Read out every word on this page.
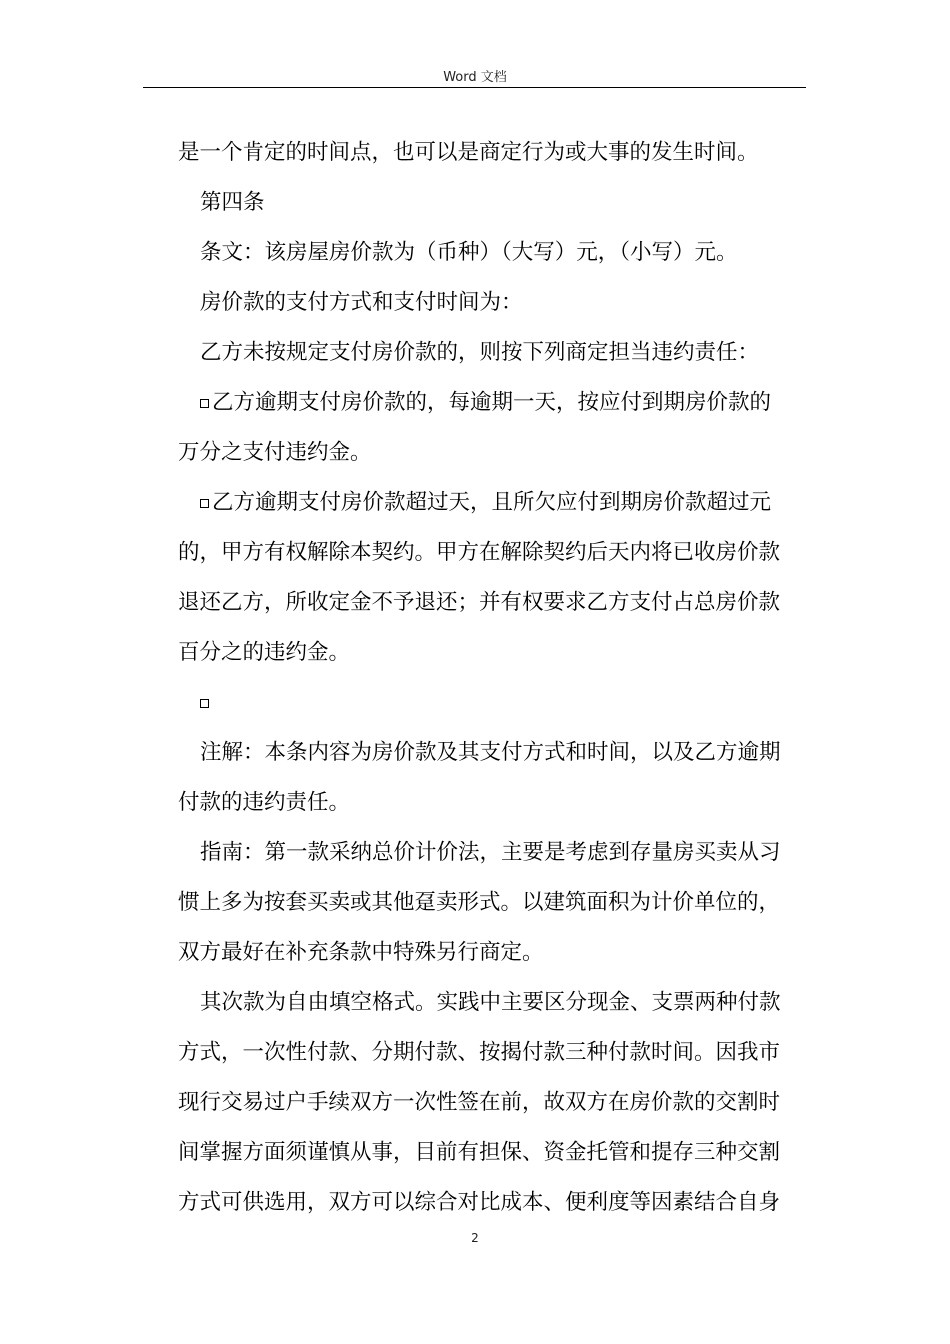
Word 文档

是一个肯定的时间点，也可以是商定行为或大事的发生时间。
第四条
条文：该房屋房价款为（币种）（大写）元，（小写）元。
房价款的支付方式和支付时间为：
乙方未按规定支付房价款的，则按下列商定担当违约责任：
乙方逾期支付房价款的，每逾期一天，按应付到期房价款的
万分之支付违约金。
乙方逾期支付房价款超过天，且所欠应付到期房价款超过元
的，甲方有权解除本契约。甲方在解除契约后天内将已收房价款
退还乙方，所收定金不予退还；并有权要求乙方支付占总房价款
百分之的违约金。
注解：本条内容为房价款及其支付方式和时间，以及乙方逾期
付款的违约责任。
指南：第一款采纳总价计价法，主要是考虑到存量房买卖从习
惯上多为按套买卖或其他趸卖形式。以建筑面积为计价单位的，
双方最好在补充条款中特殊另行商定。
其次款为自由填空格式。实践中主要区分现金、支票两种付款
方式，一次性付款、分期付款、按揭付款三种付款时间。因我市
现行交易过户手续双方一次性签在前，故双方在房价款的交割时
间掌握方面须谨慎从事，目前有担保、资金托管和提存三种交割
方式可供选用，双方可以综合对比成本、便利度等因素结合自身

2
